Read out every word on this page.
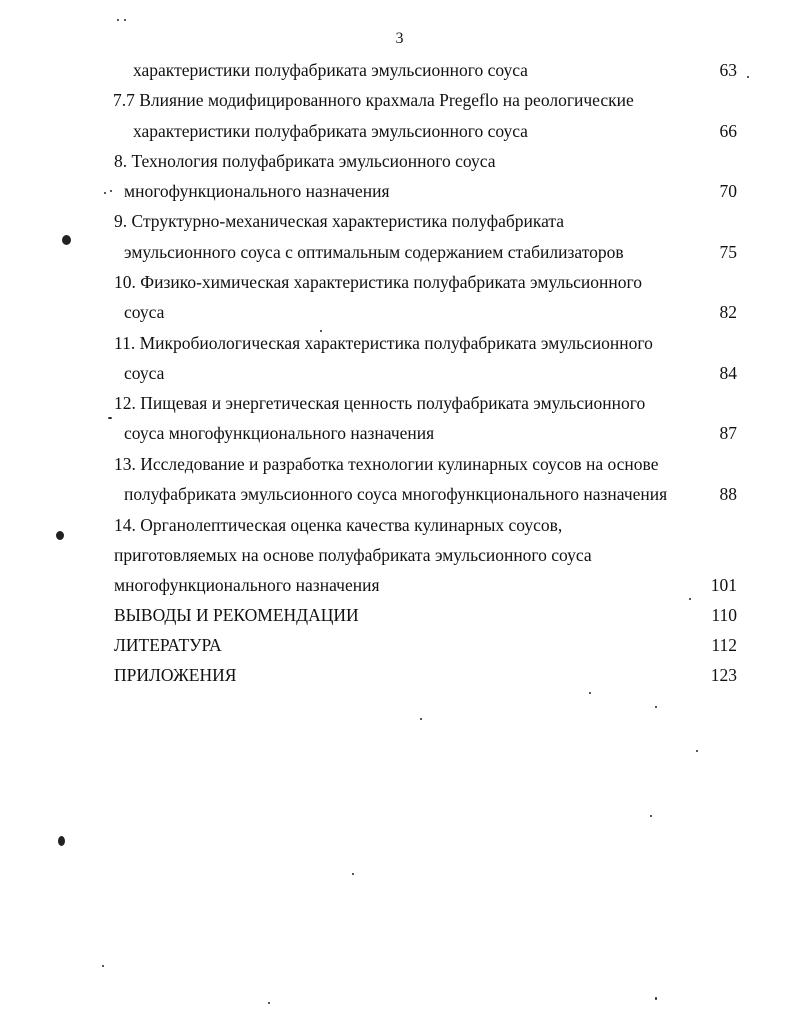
3
характеристики полуфабриката эмульсионного соуса	63
7.7 Влияние модифицированного крахмала Pregeflo на реологические
характеристики полуфабриката эмульсионного соуса	66
8. Технология полуфабриката эмульсионного соуса
многофункционального назначения	70
9. Структурно-механическая характеристика полуфабриката
эмульсионного соуса с оптимальным содержанием стабилизаторов	75
10. Физико-химическая характеристика полуфабриката эмульсионного
соуса	82
11. Микробиологическая характеристика полуфабриката эмульсионного
соуса	84
12. Пищевая и энергетическая ценность полуфабриката эмульсионного
соуса многофункционального назначения	87
13. Исследование и разработка технологии кулинарных соусов на основе
полуфабриката эмульсионного соуса многофункционального назначения	88
14. Органолептическая оценка качества кулинарных соусов,
приготовляемых на основе полуфабриката эмульсионного соуса
многофункционального назначения	101
ВЫВОДЫ И РЕКОМЕНДАЦИИ	110
ЛИТЕРАТУРА	112
ПРИЛОЖЕНИЯ	123
